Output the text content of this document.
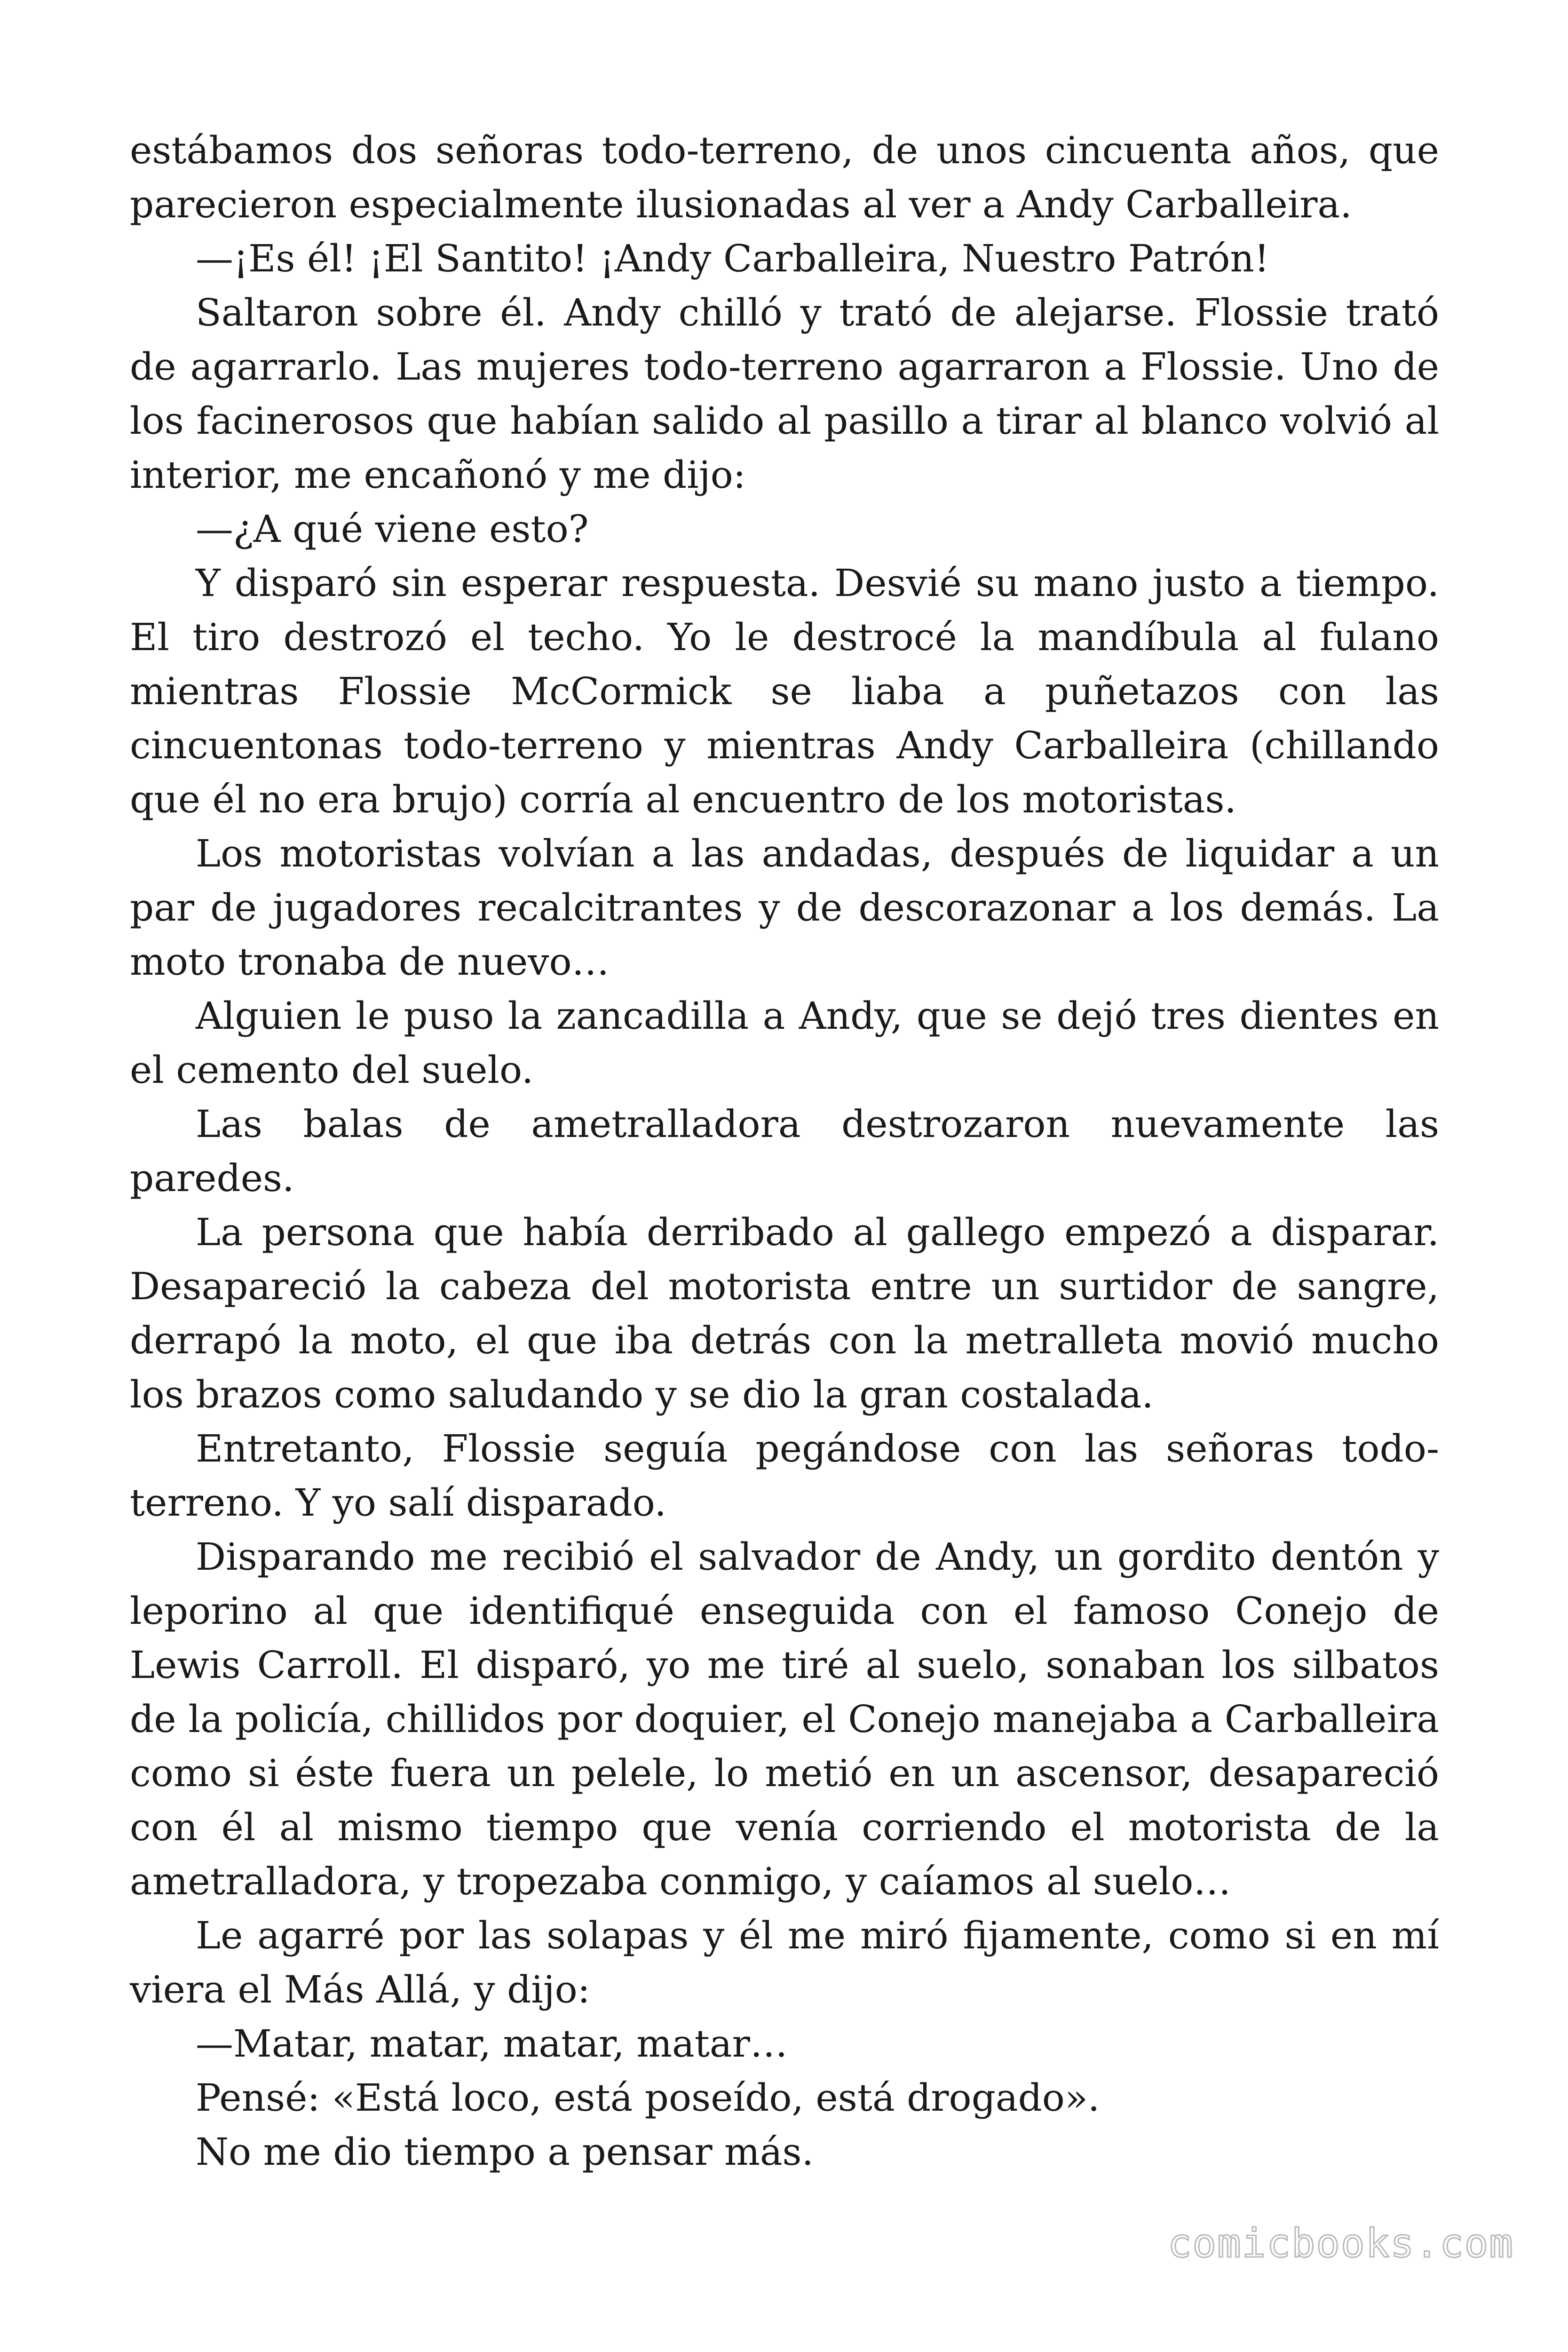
estábamos dos señoras todo-terreno, de unos cincuenta años, que parecieron especialmente ilusionadas al ver a Andy Carballeira.

—¡Es él! ¡El Santito! ¡Andy Carballeira, Nuestro Patrón!

Saltaron sobre él. Andy chilló y trató de alejarse. Flossie trató de agarrarlo. Las mujeres todo-terreno agarraron a Flossie. Uno de los facinerosos que habían salido al pasillo a tirar al blanco volvió al interior, me encañonó y me dijo:

—¿A qué viene esto?

Y disparó sin esperar respuesta. Desvié su mano justo a tiempo. El tiro destrozó el techo. Yo le destrocé la mandíbula al fulano mientras Flossie McCormick se liaba a puñetazos con las cincuentonas todo-terreno y mientras Andy Carballeira (chillando que él no era brujo) corría al encuentro de los motoristas.

Los motoristas volvían a las andadas, después de liquidar a un par de jugadores recalcitrantes y de descorazonar a los demás. La moto tronaba de nuevo…

Alguien le puso la zancadilla a Andy, que se dejó tres dientes en el cemento del suelo.

Las balas de ametralladora destrozaron nuevamente las paredes.

La persona que había derribado al gallego empezó a disparar. Desapareció la cabeza del motorista entre un surtidor de sangre, derrapó la moto, el que iba detrás con la metralleta movió mucho los brazos como saludando y se dio la gran costalada.

Entretanto, Flossie seguía pegándose con las señoras todo-terreno. Y yo salí disparado.

Disparando me recibió el salvador de Andy, un gordito dentón y leporino al que identifiqué enseguida con el famoso Conejo de Lewis Carroll. El disparó, yo me tiré al suelo, sonaban los silbatos de la policía, chillidos por doquier, el Conejo manejaba a Carballeira como si éste fuera un pelele, lo metió en un ascensor, desapareció con él al mismo tiempo que venía corriendo el motorista de la ametralladora, y tropezaba conmigo, y caíamos al suelo…

Le agarré por las solapas y él me miró fijamente, como si en mí viera el Más Allá, y dijo:

—Matar, matar, matar, matar…

Pensé: «Está loco, está poseído, está drogado».

No me dio tiempo a pensar más.

comicbooks.com
